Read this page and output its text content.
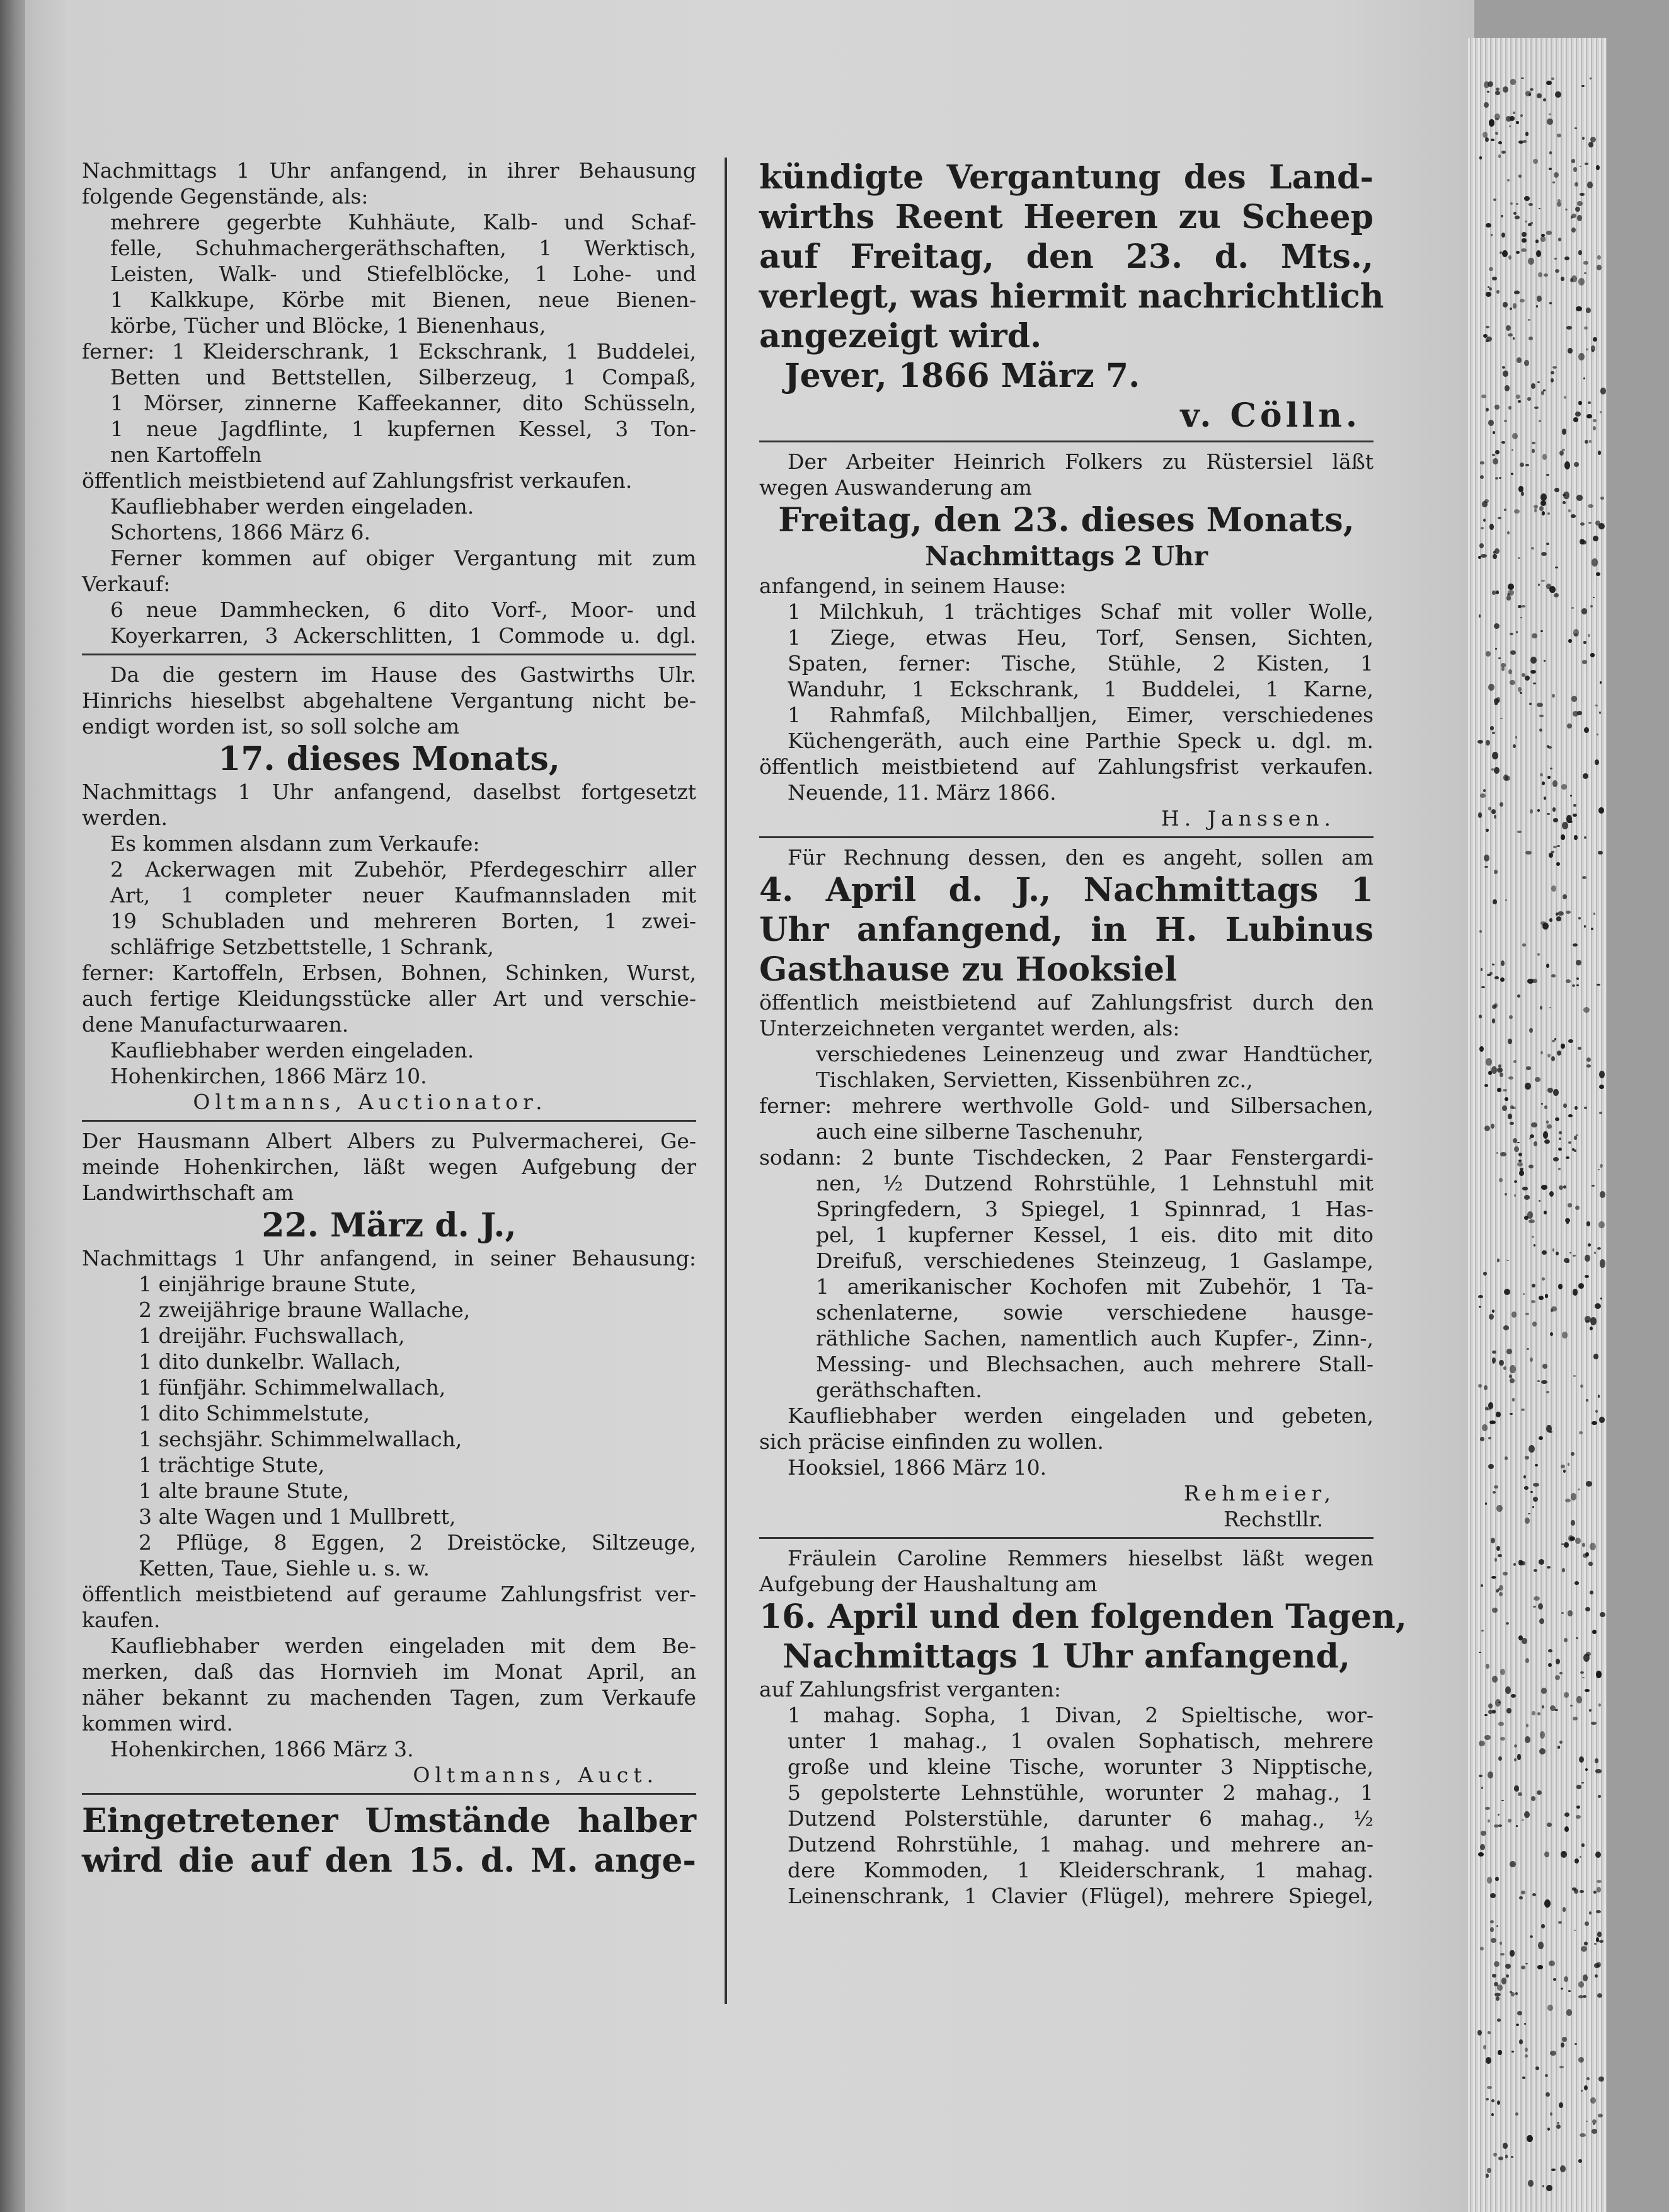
Nachmittags 1 Uhr anfangend, in ihrer Behausung
folgende Gegenstände, als:
mehrere gegerbte Kuhhäute, Kalb- und Schaf-
felle, Schuhmachergeräthschaften, 1 Werktisch,
Leisten, Walk- und Stiefelblöcke, 1 Lohe- und
1 Kalkkupe, Körbe mit Bienen, neue Bienen-
körbe, Tücher und Blöcke, 1 Bienenhaus,
ferner: 1 Kleiderschrank, 1 Eckschrank, 1 Buddelei,
Betten und Bettstellen, Silberzeug, 1 Compaß,
1 Mörser, zinnerne Kaffeekanner, dito Schüsseln,
1 neue Jagdflinte, 1 kupfernen Kessel, 3 Ton-
nen Kartoffeln
öffentlich meistbietend auf Zahlungsfrist verkaufen.
Kaufliebhaber werden eingeladen.
Schortens, 1866 März 6.
Ferner kommen auf obiger Vergantung mit zum
Verkauf:
6 neue Dammhecken, 6 dito Vorf-, Moor- und
Koyerkarren, 3 Ackerschlitten, 1 Commode u. dgl.
Da die gestern im Hause des Gastwirths Ulr.
Hinrichs hieselbst abgehaltene Vergantung nicht be-
endigt worden ist, so soll solche am
17. dieses Monats,
Nachmittags 1 Uhr anfangend, daselbst fortgesetzt
werden.
Es kommen alsdann zum Verkaufe:
2 Ackerwagen mit Zubehör, Pferdegeschirr aller
Art, 1 completer neuer Kaufmannsladen mit
19 Schubladen und mehreren Borten, 1 zwei-
schläfrige Setzbettstelle, 1 Schrank,
ferner: Kartoffeln, Erbsen, Bohnen, Schinken, Wurst,
auch fertige Kleidungsstücke aller Art und verschie-
dene Manufacturwaaren.
Kaufliebhaber werden eingeladen.
Hohenkirchen, 1866 März 10.
Oltmanns, Auctionator.
Der Hausmann Albert Albers zu Pulvermacherei, Ge-
meinde Hohenkirchen, läßt wegen Aufgebung der
Landwirthschaft am
22. März d. J.,
Nachmittags 1 Uhr anfangend, in seiner Behausung:
1 einjährige braune Stute,
2 zweijährige braune Wallache,
1 dreijähr. Fuchswallach,
1 dito dunkelbr. Wallach,
1 fünfjähr. Schimmelwallach,
1 dito Schimmelstute,
1 sechsjähr. Schimmelwallach,
1 trächtige Stute,
1 alte braune Stute,
3 alte Wagen und 1 Mullbrett,
2 Pflüge, 8 Eggen, 2 Dreistöcke, Siltzeuge,
Ketten, Taue, Siehle u. s. w.
öffentlich meistbietend auf geraume Zahlungsfrist ver-
kaufen.
Kaufliebhaber werden eingeladen mit dem Be-
merken, daß das Hornvieh im Monat April, an
näher bekannt zu machenden Tagen, zum Verkaufe
kommen wird.
Hohenkirchen, 1866 März 3.
Oltmanns, Auct.
Eingetretener Umstände halber
wird die auf den 15. d. M. ange-
kündigte Vergantung des Land-
wirths Reent Heeren zu Scheep
auf Freitag, den 23. d. Mts.,
verlegt, was hiermit nachrichtlich
angezeigt wird.
Jever, 1866 März 7.
v. Cölln.
Der Arbeiter Heinrich Folkers zu Rüstersiel läßt
wegen Auswanderung am
Freitag, den 23. dieses Monats,
Nachmittags 2 Uhr
anfangend, in seinem Hause:
1 Milchkuh, 1 trächtiges Schaf mit voller Wolle,
1 Ziege, etwas Heu, Torf, Sensen, Sichten,
Spaten, ferner: Tische, Stühle, 2 Kisten, 1
Wanduhr, 1 Eckschrank, 1 Buddelei, 1 Karne,
1 Rahmfaß, Milchballjen, Eimer, verschiedenes
Küchengeräth, auch eine Parthie Speck u. dgl. m.
öffentlich meistbietend auf Zahlungsfrist verkaufen.
Neuende, 11. März 1866.
H. Janssen.
Für Rechnung dessen, den es angeht, sollen am
4. April d. J., Nachmittags 1
Uhr anfangend, in H. Lubinus
Gasthause zu Hooksiel
öffentlich meistbietend auf Zahlungsfrist durch den
Unterzeichneten vergantet werden, als:
verschiedenes Leinenzeug und zwar Handtücher,
Tischlaken, Servietten, Kissenbühren zc.,
ferner: mehrere werthvolle Gold- und Silbersachen,
auch eine silberne Taschenuhr,
sodann: 2 bunte Tischdecken, 2 Paar Fenstergardi-
nen, ½ Dutzend Rohrstühle, 1 Lehnstuhl mit
Springfedern, 3 Spiegel, 1 Spinnrad, 1 Has-
pel, 1 kupferner Kessel, 1 eis. dito mit dito
Dreifuß, verschiedenes Steinzeug, 1 Gaslampe,
1 amerikanischer Kochofen mit Zubehör, 1 Ta-
schenlaterne, sowie verschiedene hausge-
räthliche Sachen, namentlich auch Kupfer-, Zinn-,
Messing- und Blechsachen, auch mehrere Stall-
geräthschaften.
Kaufliebhaber werden eingeladen und gebeten,
sich präcise einfinden zu wollen.
Hooksiel, 1866 März 10.
Rehmeier,
Rechstllr.
Fräulein Caroline Remmers hieselbst läßt wegen
Aufgebung der Haushaltung am
16. April und den folgenden Tagen,
Nachmittags 1 Uhr anfangend,
auf Zahlungsfrist verganten:
1 mahag. Sopha, 1 Divan, 2 Spieltische, wor-
unter 1 mahag., 1 ovalen Sophatisch, mehrere
große und kleine Tische, worunter 3 Nipptische,
5 gepolsterte Lehnstühle, worunter 2 mahag., 1
Dutzend Polsterstühle, darunter 6 mahag., ½
Dutzend Rohrstühle, 1 mahag. und mehrere an-
dere Kommoden, 1 Kleiderschrank, 1 mahag.
Leinenschrank, 1 Clavier (Flügel), mehrere Spiegel,
